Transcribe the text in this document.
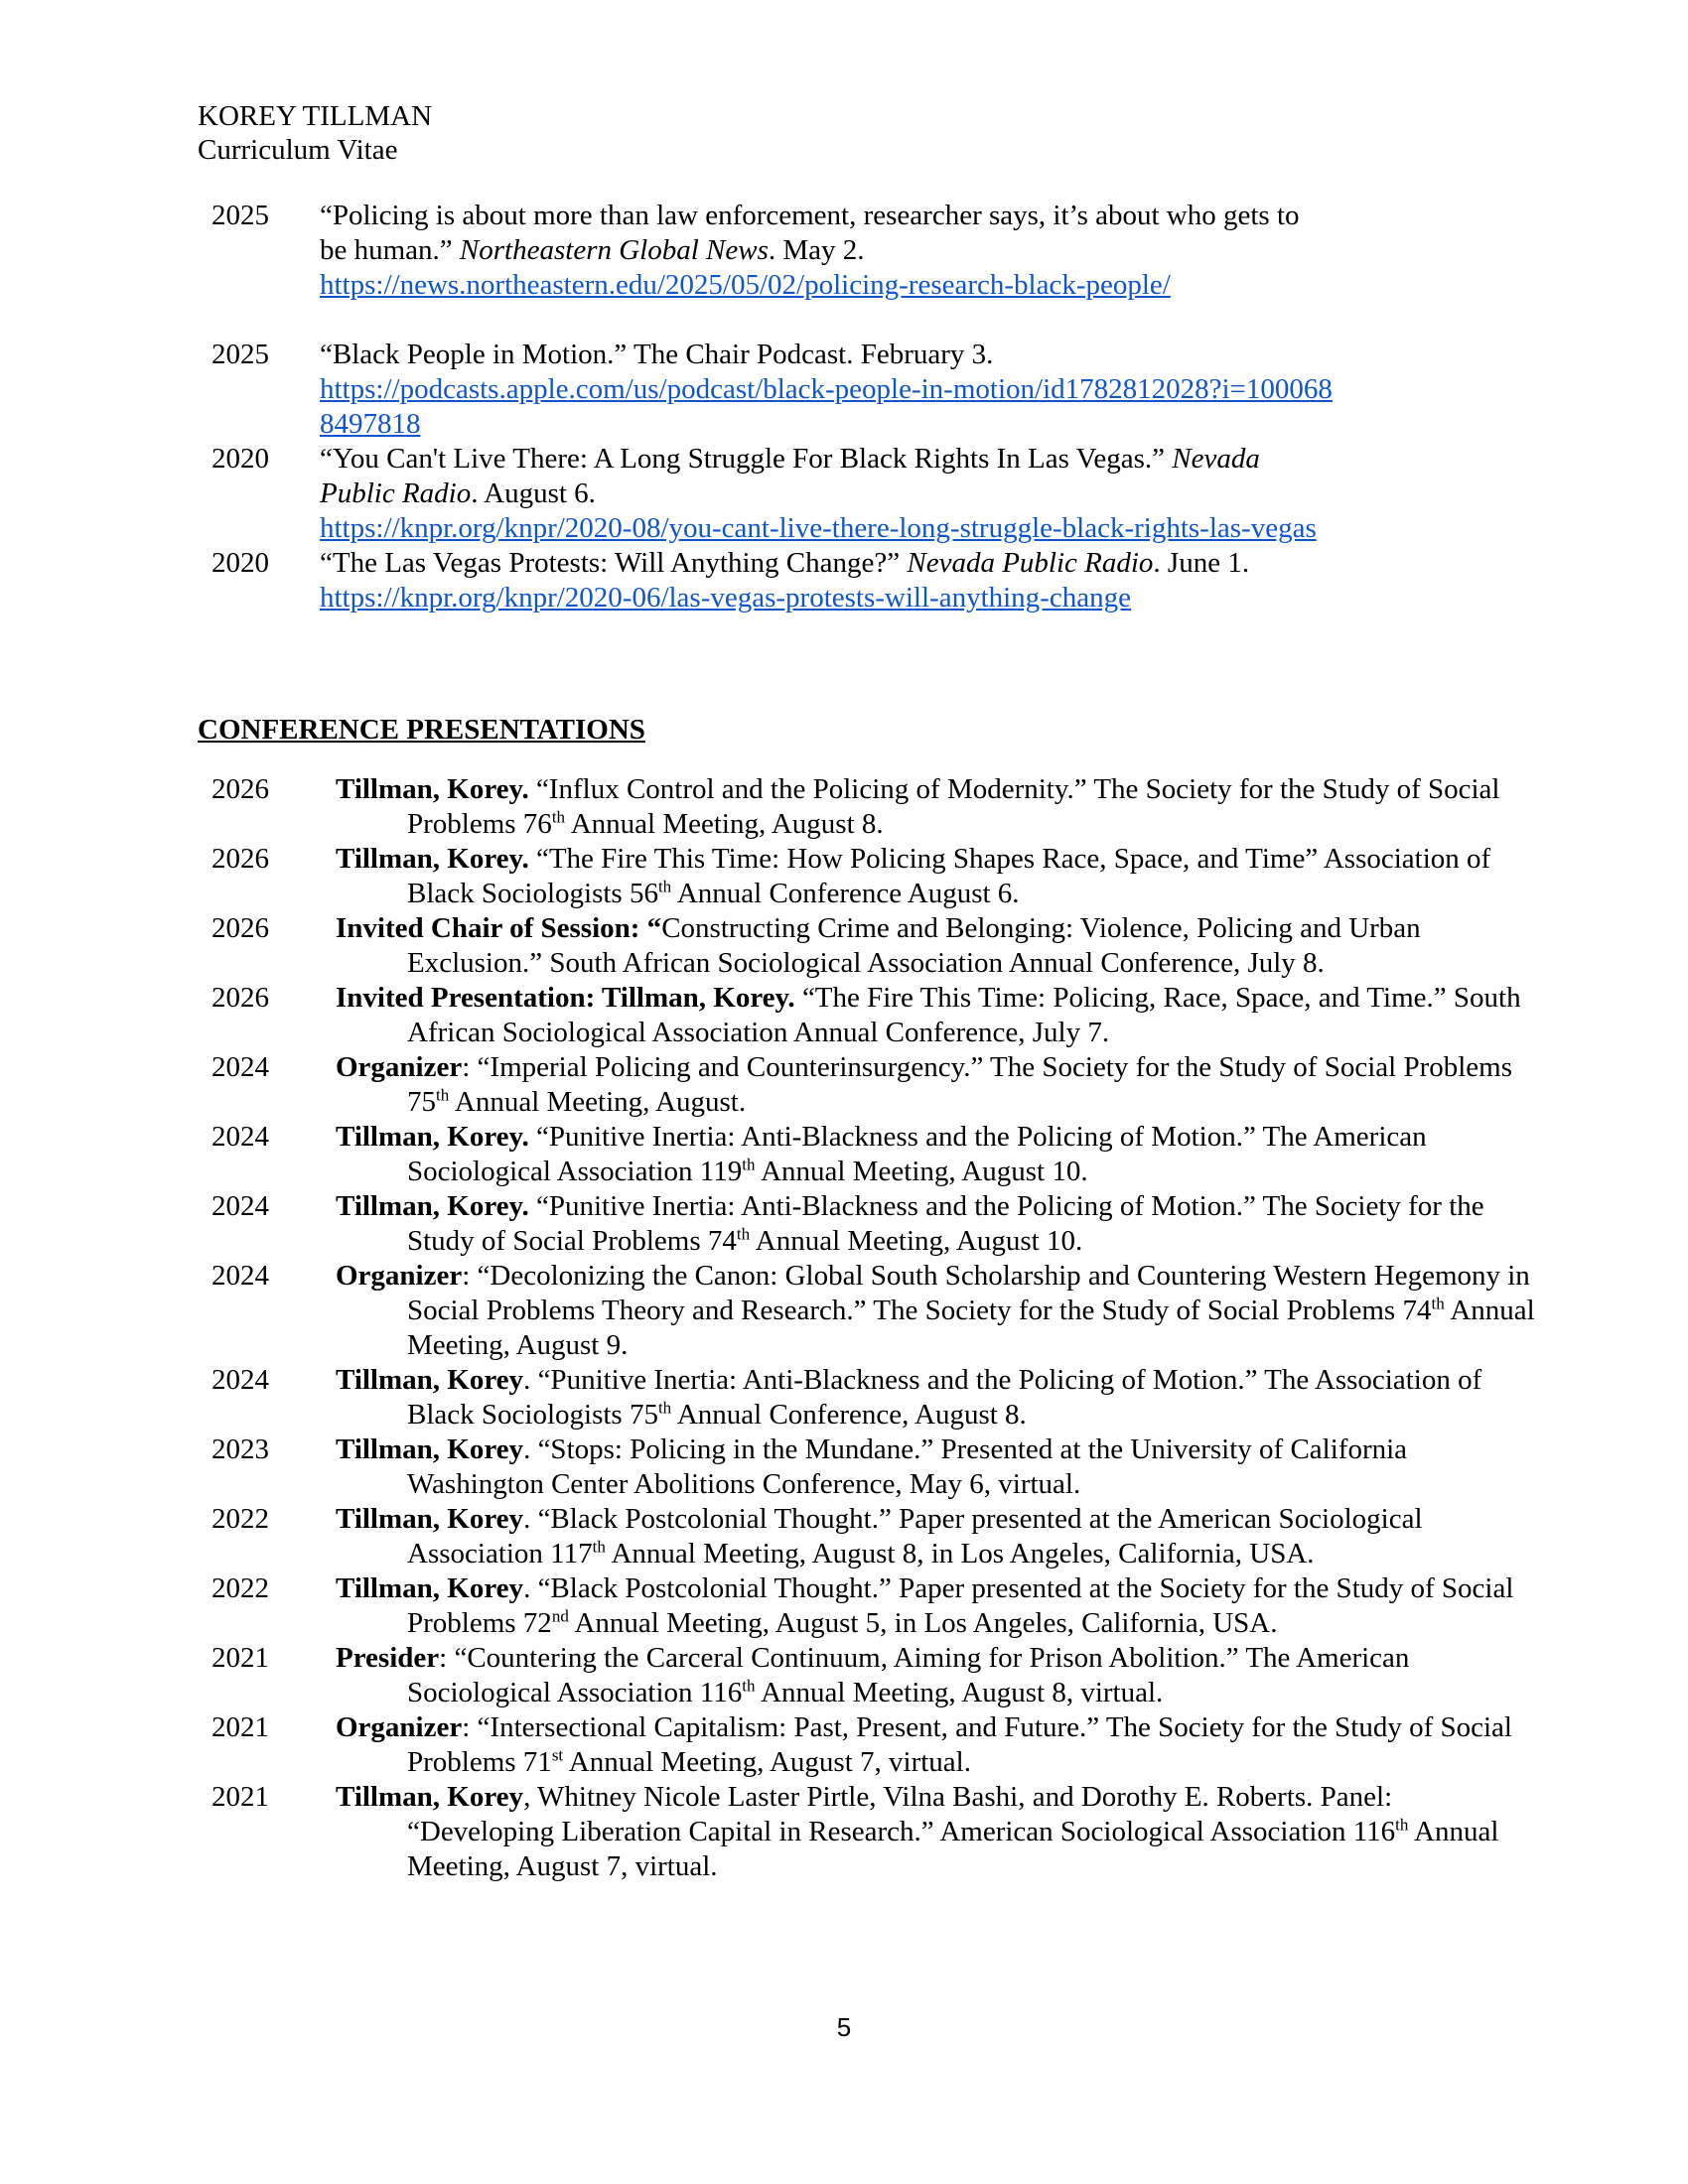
KOREY TILLMAN
Curriculum Vitae
2025 “Policing is about more than law enforcement, researcher says, it’s about who gets to be human.” Northeastern Global News. May 2.
https://news.northeastern.edu/2025/05/02/policing-research-black-people/
2025 “Black People in Motion.” The Chair Podcast. February 3.
https://podcasts.apple.com/us/podcast/black-people-in-motion/id1782812028?i=1000688497818
2020 “You Can't Live There: A Long Struggle For Black Rights In Las Vegas.” Nevada Public Radio. August 6.
https://knpr.org/knpr/2020-08/you-cant-live-there-long-struggle-black-rights-las-vegas
2020 “The Las Vegas Protests: Will Anything Change?” Nevada Public Radio. June 1.
https://knpr.org/knpr/2020-06/las-vegas-protests-will-anything-change
CONFERENCE PRESENTATIONS
2026 Tillman, Korey. “Influx Control and the Policing of Modernity.” The Society for the Study of Social Problems 76th Annual Meeting, August 8.
2026 Tillman, Korey. “The Fire This Time: How Policing Shapes Race, Space, and Time” Association of Black Sociologists 56th Annual Conference August 6.
2026 Invited Chair of Session: “Constructing Crime and Belonging: Violence, Policing and Urban Exclusion.” South African Sociological Association Annual Conference, July 8.
2026 Invited Presentation: Tillman, Korey. “The Fire This Time: Policing, Race, Space, and Time.” South African Sociological Association Annual Conference, July 7.
2024 Organizer: “Imperial Policing and Counterinsurgency.” The Society for the Study of Social Problems 75th Annual Meeting, August.
2024 Tillman, Korey. “Punitive Inertia: Anti-Blackness and the Policing of Motion.” The American Sociological Association 119th Annual Meeting, August 10.
2024 Tillman, Korey. “Punitive Inertia: Anti-Blackness and the Policing of Motion.” The Society for the Study of Social Problems 74th Annual Meeting, August 10.
2024 Organizer: “Decolonizing the Canon: Global South Scholarship and Countering Western Hegemony in Social Problems Theory and Research.” The Society for the Study of Social Problems 74th Annual Meeting, August 9.
2024 Tillman, Korey. “Punitive Inertia: Anti-Blackness and the Policing of Motion.” The Association of Black Sociologists 75th Annual Conference, August 8.
2023 Tillman, Korey. “Stops: Policing in the Mundane.” Presented at the University of California Washington Center Abolitions Conference, May 6, virtual.
2022 Tillman, Korey. “Black Postcolonial Thought.” Paper presented at the American Sociological Association 117th Annual Meeting, August 8, in Los Angeles, California, USA.
2022 Tillman, Korey. “Black Postcolonial Thought.” Paper presented at the Society for the Study of Social Problems 72nd Annual Meeting, August 5, in Los Angeles, California, USA.
2021 Presider: “Countering the Carceral Continuum, Aiming for Prison Abolition.” The American Sociological Association 116th Annual Meeting, August 8, virtual.
2021 Organizer: “Intersectional Capitalism: Past, Present, and Future.” The Society for the Study of Social Problems 71st Annual Meeting, August 7, virtual.
2021 Tillman, Korey, Whitney Nicole Laster Pirtle, Vilna Bashi, and Dorothy E. Roberts. Panel: “Developing Liberation Capital in Research.” American Sociological Association 116th Annual Meeting, August 7, virtual.
5
